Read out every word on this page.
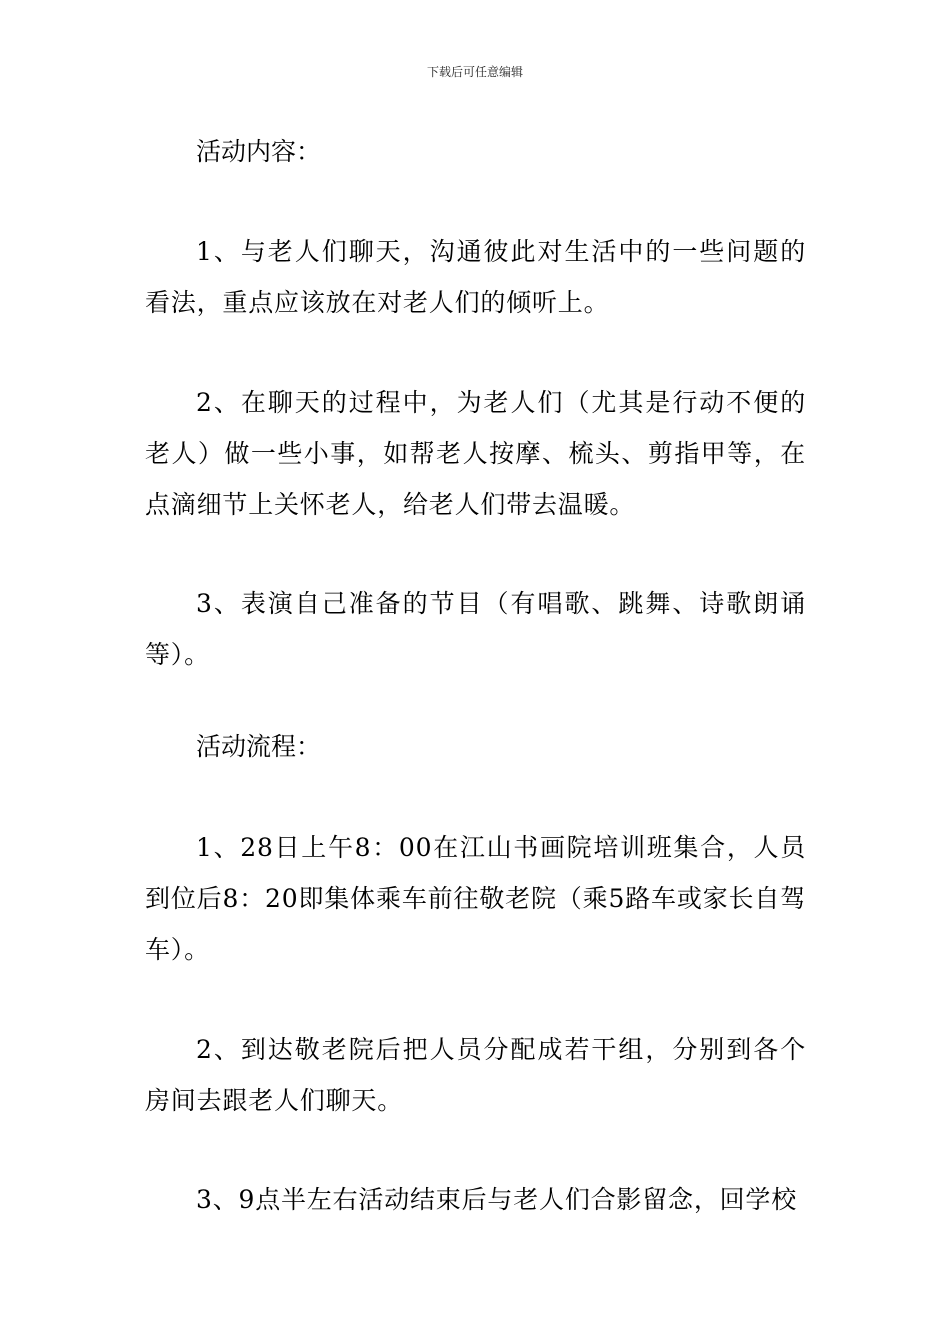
下载后可任意编辑

活动内容：

1、与老人们聊天，沟通彼此对生活中的一些问题的看法，重点应该放在对老人们的倾听上。

2、在聊天的过程中，为老人们（尤其是行动不便的老人）做一些小事，如帮老人按摩、梳头、剪指甲等，在点滴细节上关怀老人，给老人们带去温暖。

3、表演自己准备的节目（有唱歌、跳舞、诗歌朗诵等）。

活动流程：

1、28日上午8：00在江山书画院培训班集合，人员到位后8：20即集体乘车前往敬老院（乘5路车或家长自驾车）。

2、到达敬老院后把人员分配成若干组，分别到各个房间去跟老人们聊天。

3、9点半左右活动结束后与老人们合影留念，回学校
